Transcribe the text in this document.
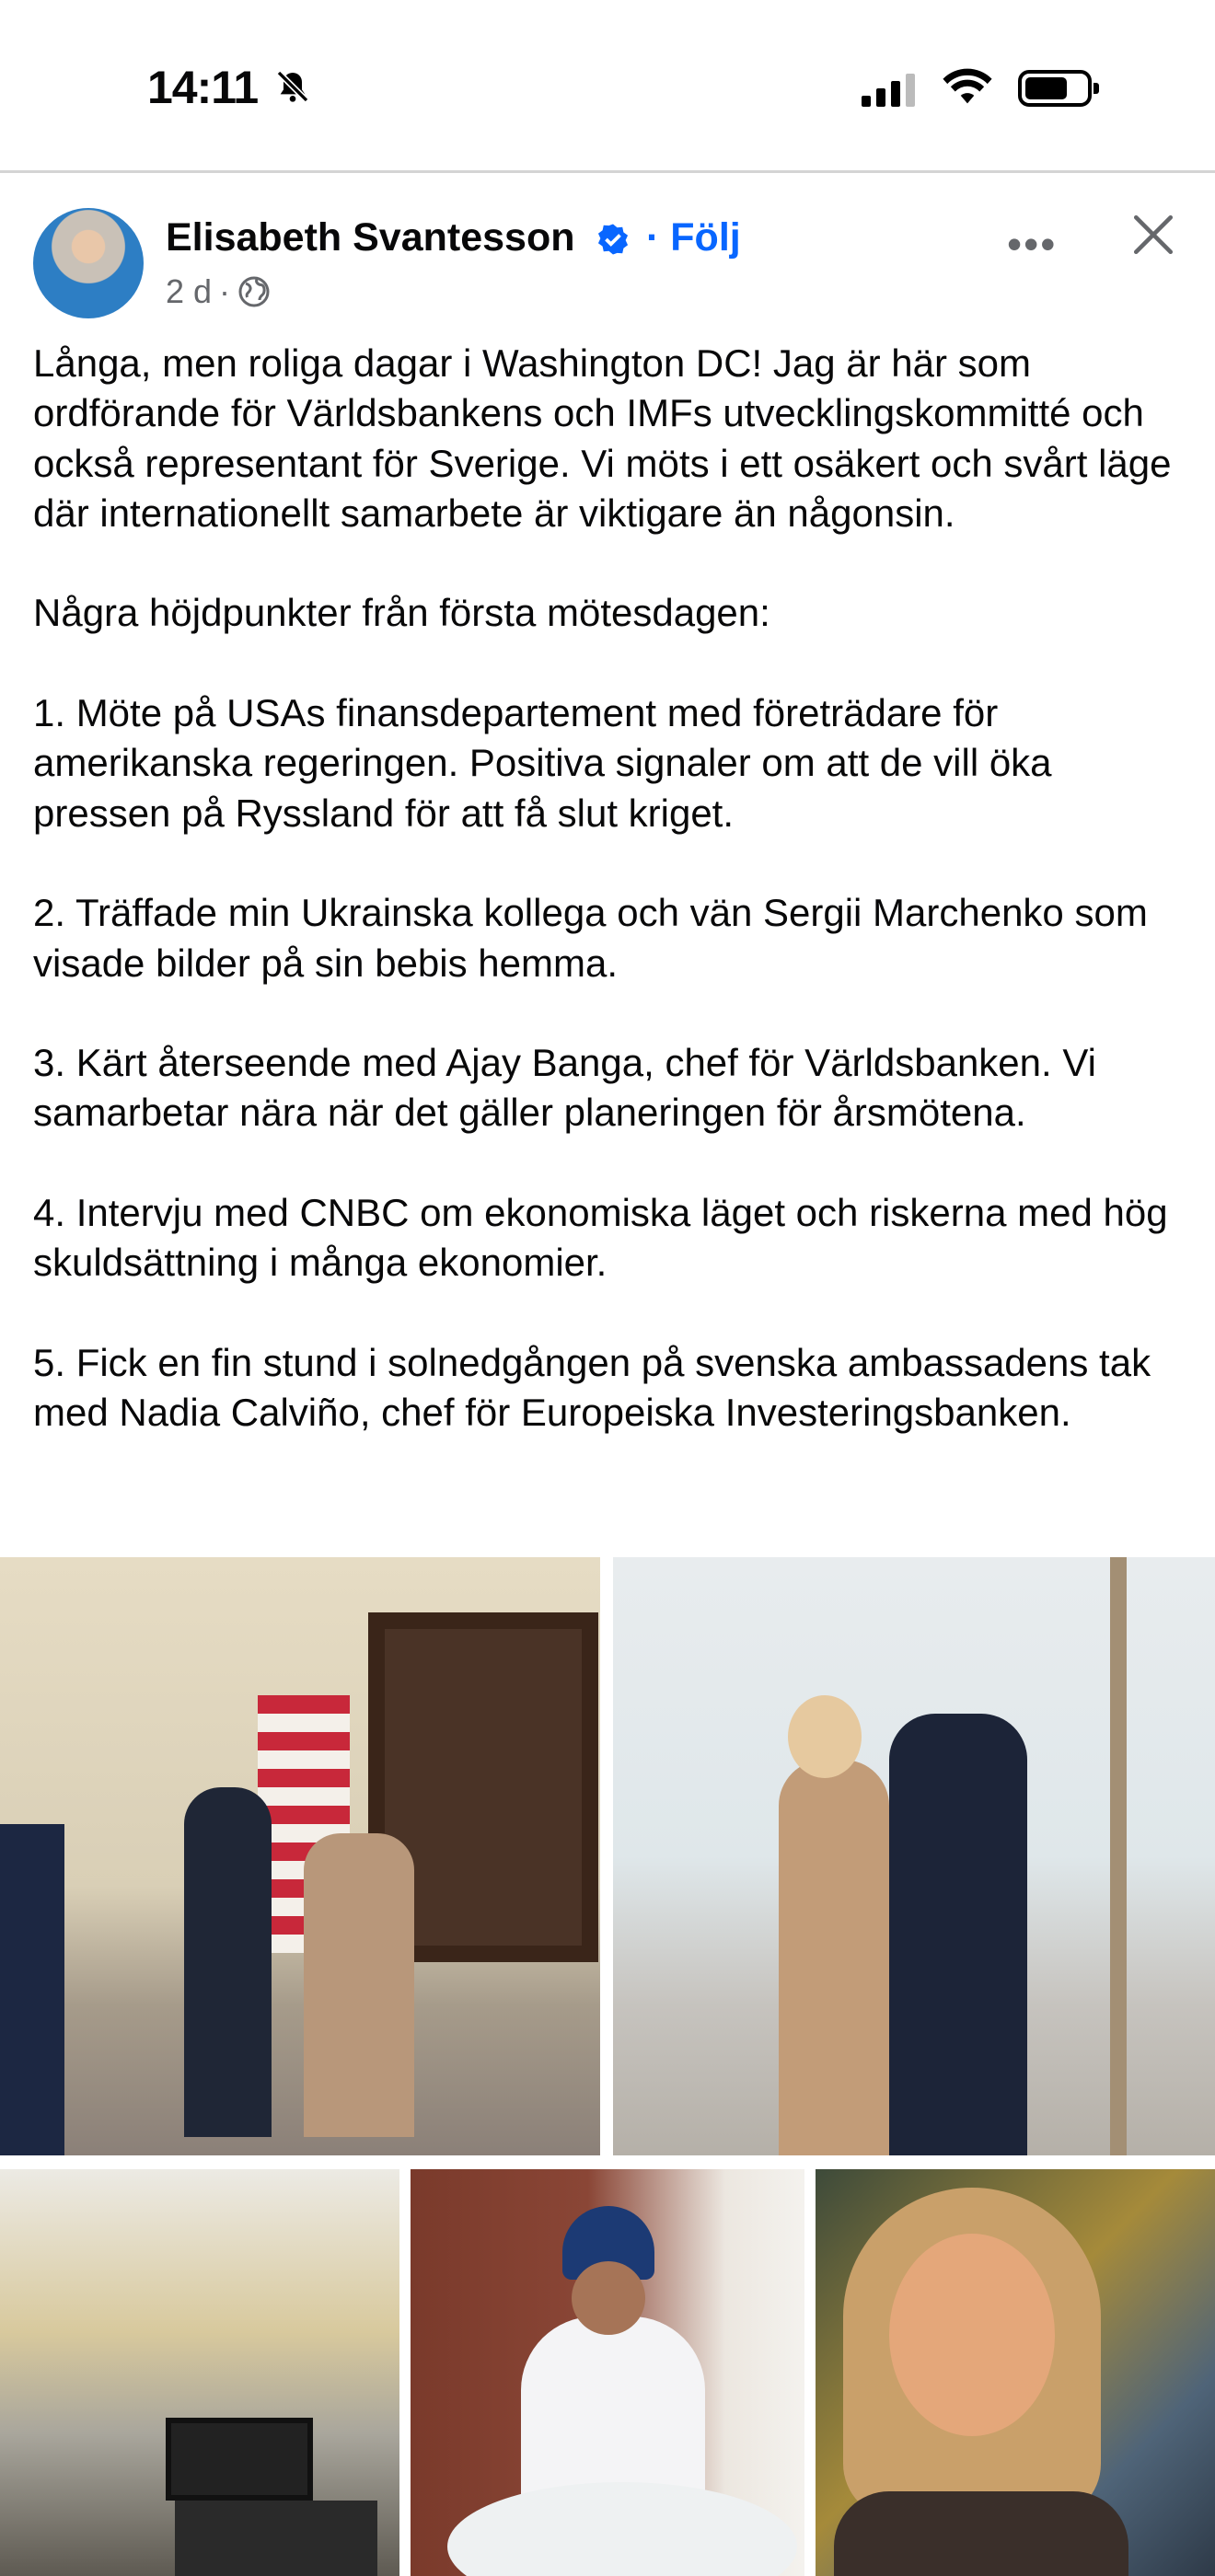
14:11
Elisabeth Svantesson · Följ
2 d ·
•••

Långa, men roliga dagar i Washington DC! Jag är här som ordförande för Världsbankens och IMFs utvecklingskommitté och också representant för Sverige. Vi möts i ett osäkert och svårt läge där internationellt samarbete är viktigare än någonsin.

Några höjdpunkter från första mötesdagen:

1. Möte på USAs finansdepartement med företrädare för amerikanska regeringen. Positiva signaler om att de vill öka pressen på Ryssland för att få slut kriget.

2. Träffade min Ukrainska kollega och vän Sergii Marchenko som visade bilder på sin bebis hemma.

3. Kärt återseende med Ajay Banga, chef för Världsbanken. Vi samarbetar nära när det gäller planeringen för årsmötena.

4. Intervju med CNBC om ekonomiska läget och riskerna med hög skuldsättning i många ekonomier.

5. Fick en fin stund i solnedgången på svenska ambassadens tak med Nadia Calviño, chef för Europeiska Investeringsbanken.
